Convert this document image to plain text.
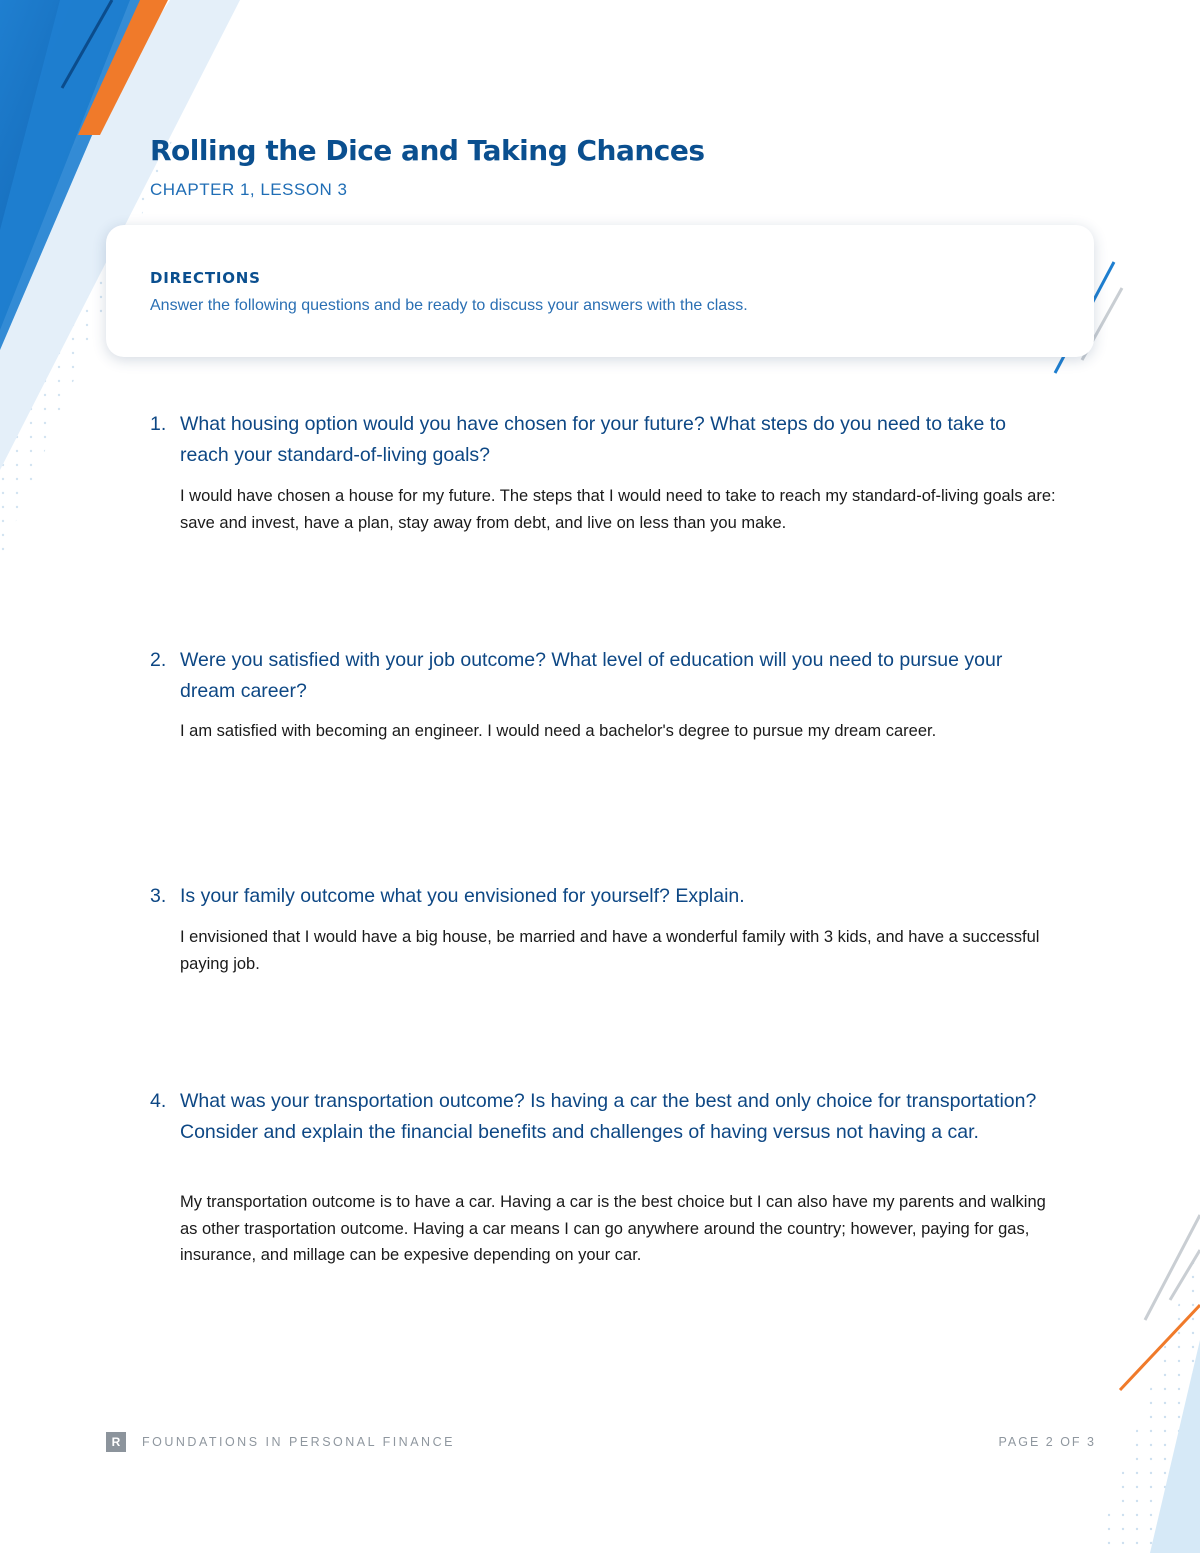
Rolling the Dice and Taking Chances
CHAPTER 1, LESSON 3
DIRECTIONS
Answer the following questions and be ready to discuss your answers with the class.
1. What housing option would you have chosen for your future? What steps do you need to take to reach your standard-of-living goals?
I would have chosen a house for my future. The steps that I would need to take to reach my standard-of-living goals are: save and invest, have a plan, stay away from debt, and live on less than you make.
2. Were you satisfied with your job outcome? What level of education will you need to pursue your dream career?
I am satisfied with becoming an engineer. I would need a bachelor's degree to pursue my dream career.
3. Is your family outcome what you envisioned for yourself? Explain.
I envisioned that I would have a big house, be married and have a wonderful family with 3 kids, and have a successful paying job.
4. What was your transportation outcome? Is having a car the best and only choice for transportation? Consider and explain the financial benefits and challenges of having versus not having a car.
My transportation outcome is to have a car. Having a car is the best choice but I can also have my parents and walking as other trasportation outcome. Having a car means I can go anywhere around the country; however, paying for gas, insurance, and millage can be expesive depending on your car.
R	FOUNDATIONS IN PERSONAL FINANCE	PAGE 2 OF 3
